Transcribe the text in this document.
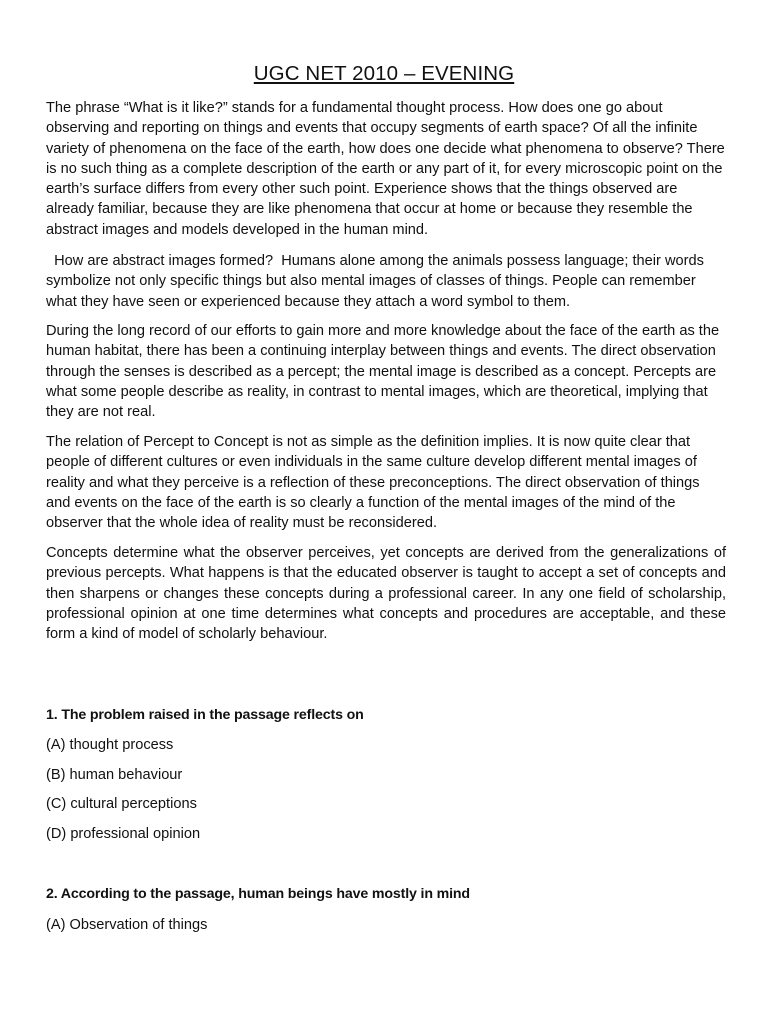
UGC NET 2010 – EVENING

The phrase “What is it like?” stands for a fundamental thought process. How does one go about observing and reporting on things and events that occupy segments of earth space? Of all the infinite variety of phenomena on the face of the earth, how does one decide what phenomena to observe? There is no such thing as a complete description of the earth or any part of it, for every microscopic point on the earth’s surface differs from every other such point. Experience shows that the things observed are already familiar, because they are like phenomena that occur at home or because they resemble the abstract images and models developed in the human mind.

How are abstract images formed?  Humans alone among the animals possess language; their words symbolize not only specific things but also mental images of classes of things. People can remember what they have seen or experienced because they attach a word symbol to them.

During the long record of our efforts to gain more and more knowledge about the face of the earth as the human habitat, there has been a continuing interplay between things and events. The direct observation through the senses is described as a percept; the mental image is described as a concept. Percepts are what some people describe as reality, in contrast to mental images, which are theoretical, implying that they are not real.

The relation of Percept to Concept is not as simple as the definition implies. It is now quite clear that people of different cultures or even individuals in the same culture develop different mental images of reality and what they perceive is a reflection of these preconceptions. The direct observation of things and events on the face of the earth is so clearly a function of the mental images of the mind of the observer that the whole idea of reality must be reconsidered.

Concepts determine what the observer perceives, yet concepts are derived from the generalizations of previous percepts. What happens is that the educated observer is taught to accept a set of concepts and then sharpens or changes these concepts during a professional career. In any one field of scholarship, professional opinion at one time determines what concepts and procedures are acceptable, and these form a kind of model of scholarly behaviour.

1. The problem raised in the passage reflects on

(A) thought process

(B) human behaviour

(C) cultural perceptions

(D) professional opinion

2. According to the passage, human beings have mostly in mind

(A) Observation of things
